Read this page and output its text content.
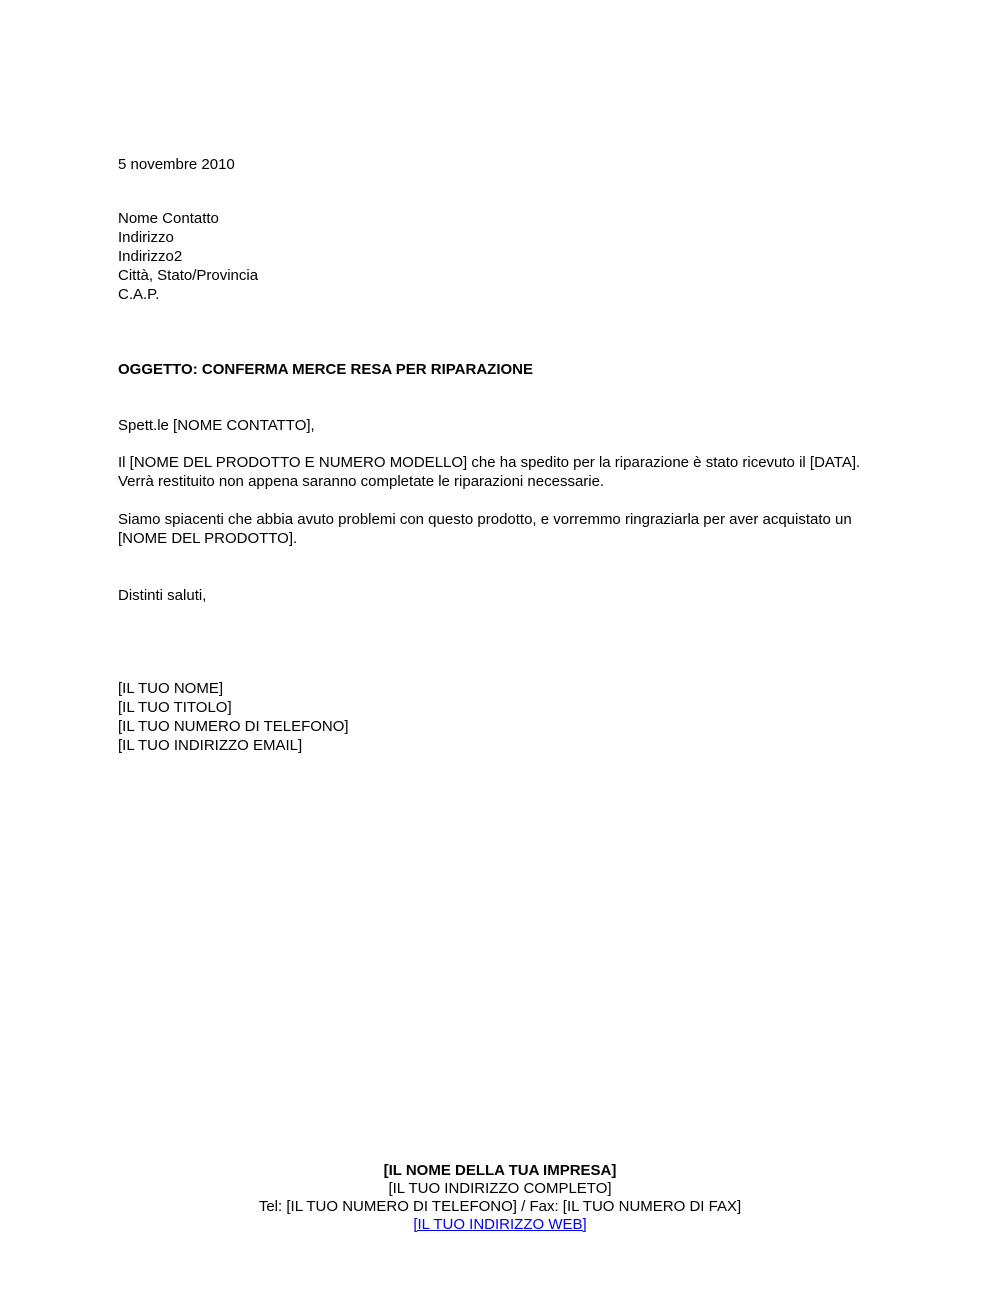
5 novembre 2010
Nome Contatto
Indirizzo
Indirizzo2
Città, Stato/Provincia
C.A.P.
OGGETTO: CONFERMA MERCE RESA PER RIPARAZIONE
Spett.le [NOME CONTATTO],
Il [NOME DEL PRODOTTO E NUMERO MODELLO] che ha spedito per la riparazione è stato ricevuto il [DATA]. Verrà restituito non appena saranno completate le riparazioni necessarie.
Siamo spiacenti che abbia avuto problemi con questo prodotto, e vorremmo ringraziarla per aver acquistato un [NOME DEL PRODOTTO].
Distinti saluti,
[IL TUO NOME]
[IL TUO TITOLO]
[IL TUO NUMERO DI TELEFONO]
[IL TUO INDIRIZZO EMAIL]
[IL NOME DELLA TUA IMPRESA]
[IL TUO INDIRIZZO COMPLETO]
Tel: [IL TUO NUMERO DI TELEFONO] / Fax: [IL TUO NUMERO DI FAX]
[IL TUO INDIRIZZO WEB]
